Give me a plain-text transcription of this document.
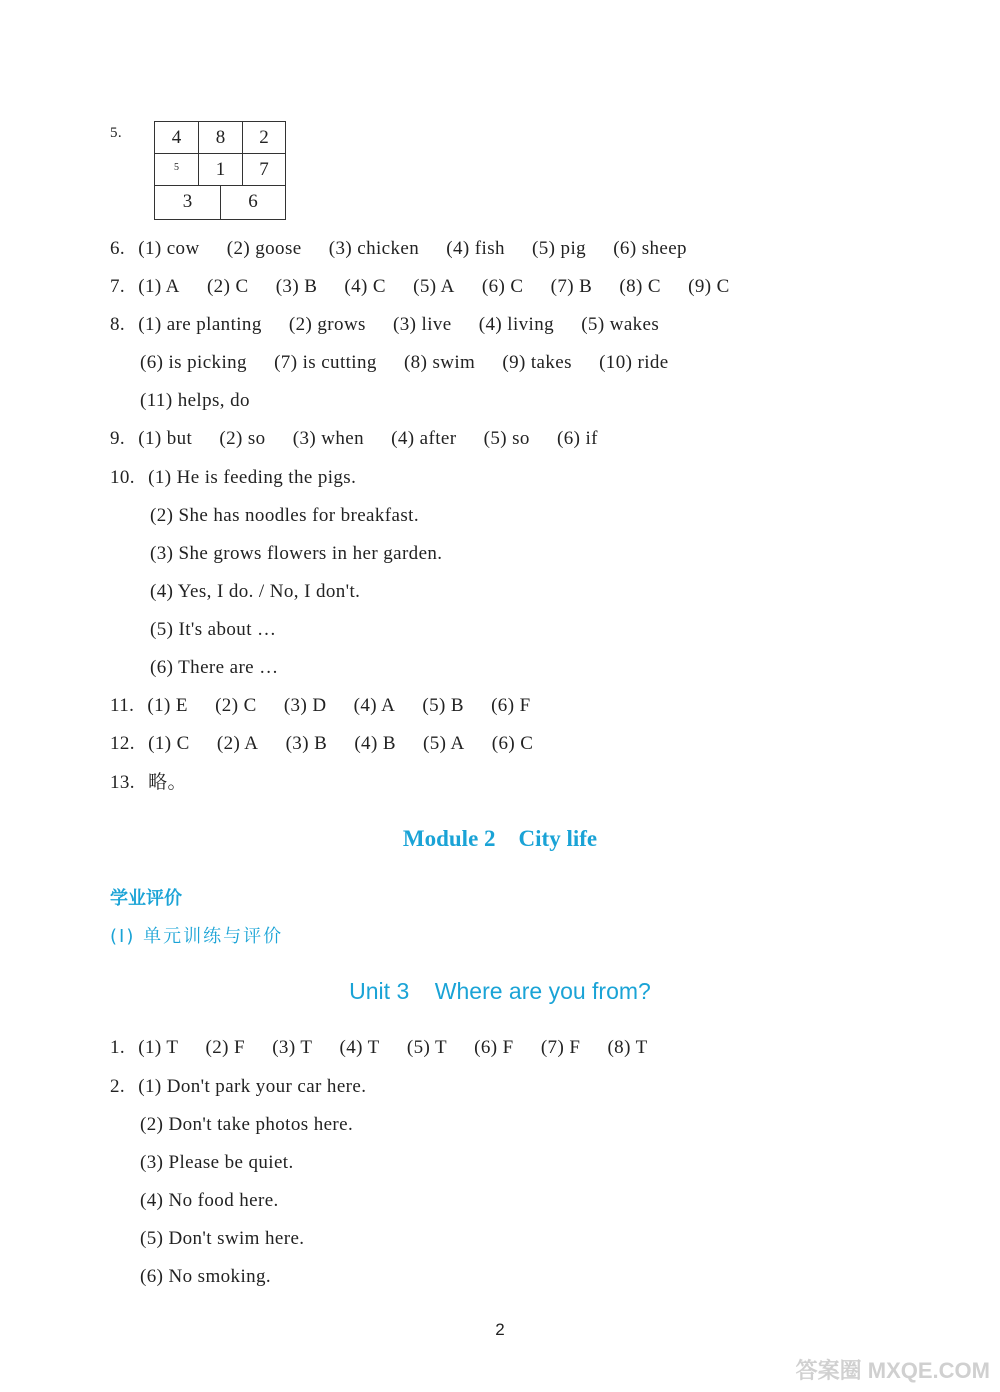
5.	4	8	2
5	1	7
3	6
6. (1) cow (2) goose (3) chicken (4) fish (5) pig (6) sheep
7. (1) A (2) C (3) B (4) C (5) A (6) C (7) B (8) C (9) C
8. (1) are planting (2) grows (3) live (4) living (5) wakes
(6) is picking (7) is cutting (8) swim (9) takes (10) ride
(11) helps, do
9. (1) but (2) so (3) when (4) after (5) so (6) if
10. (1) He is feeding the pigs.
(2) She has noodles for breakfast.
(3) She grows flowers in her garden.
(4) Yes, I do. / No, I don't.
(5) It's about …
(6) There are …
11. (1) E (2) C (3) D (4) A (5) B (6) F
12. (1) C (2) A (3) B (4) B (5) A (6) C
13. 略。
Module 2    City life
学业评价
(Ⅰ) 单元训练与评价
Unit 3    Where are you from?
1. (1) T (2) F (3) T (4) T (5) T (6) F (7) F (8) T
2. (1) Don't park your car here.
(2) Don't take photos here.
(3) Please be quiet.
(4) No food here.
(5) Don't swim here.
(6) No smoking.
2
答案圈 MXQE.COM
